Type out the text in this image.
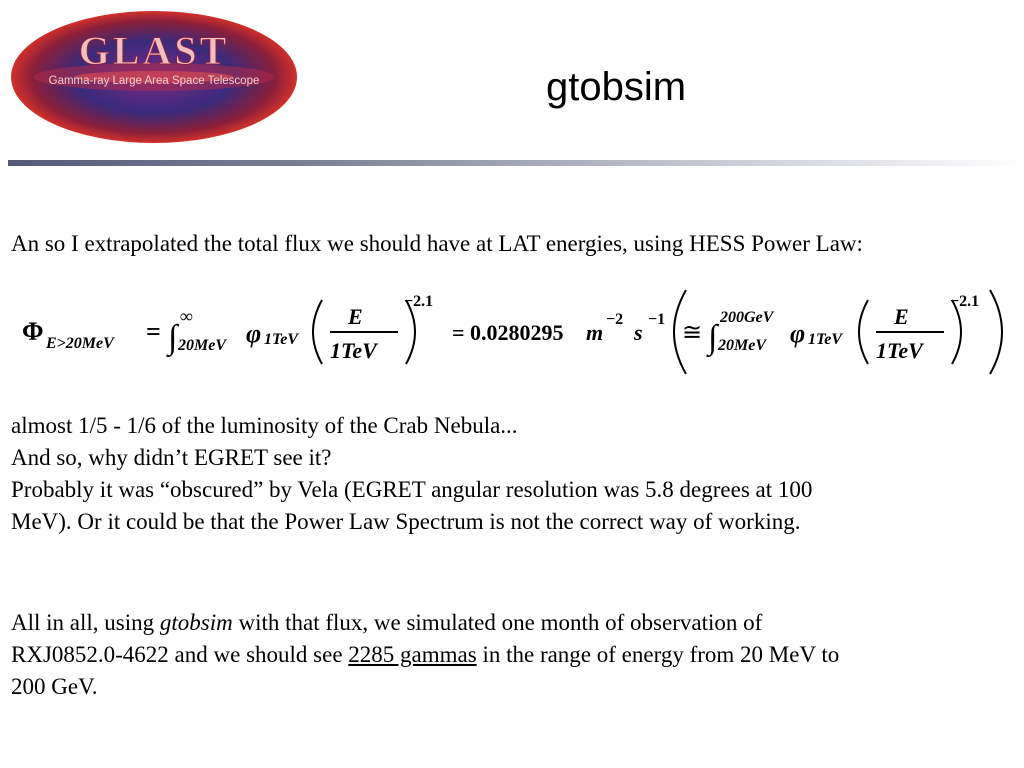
GLAST
Gamma-ray Large Area Space Telescope	gtobsim
An so I extrapolated the total flux we should have at LAT energies, using HESS Power Law:
Φ E>20MeV = ∫
∞
20MeV φ 1TeV
E
1TeV
−2.1
= 0.0280295 m
−2
s
−1
≅ ∫
200GeV
20MeV φ 1TeV
E
1TeV
−2.1
almost 1/5 - 1/6 of the luminosity of the Crab Nebula...
And so, why didn’t EGRET see it?
Probably it was “obscured” by Vela (EGRET angular resolution was 5.8 degrees at 100
MeV). Or it could be that the Power Law Spectrum is not the correct way of working.
All in all, using gtobsim with that flux, we simulated one month of observation of
RXJ0852.0-4622 and we should see 2285 gammas in the range of energy from 20 MeV to
200 GeV.
